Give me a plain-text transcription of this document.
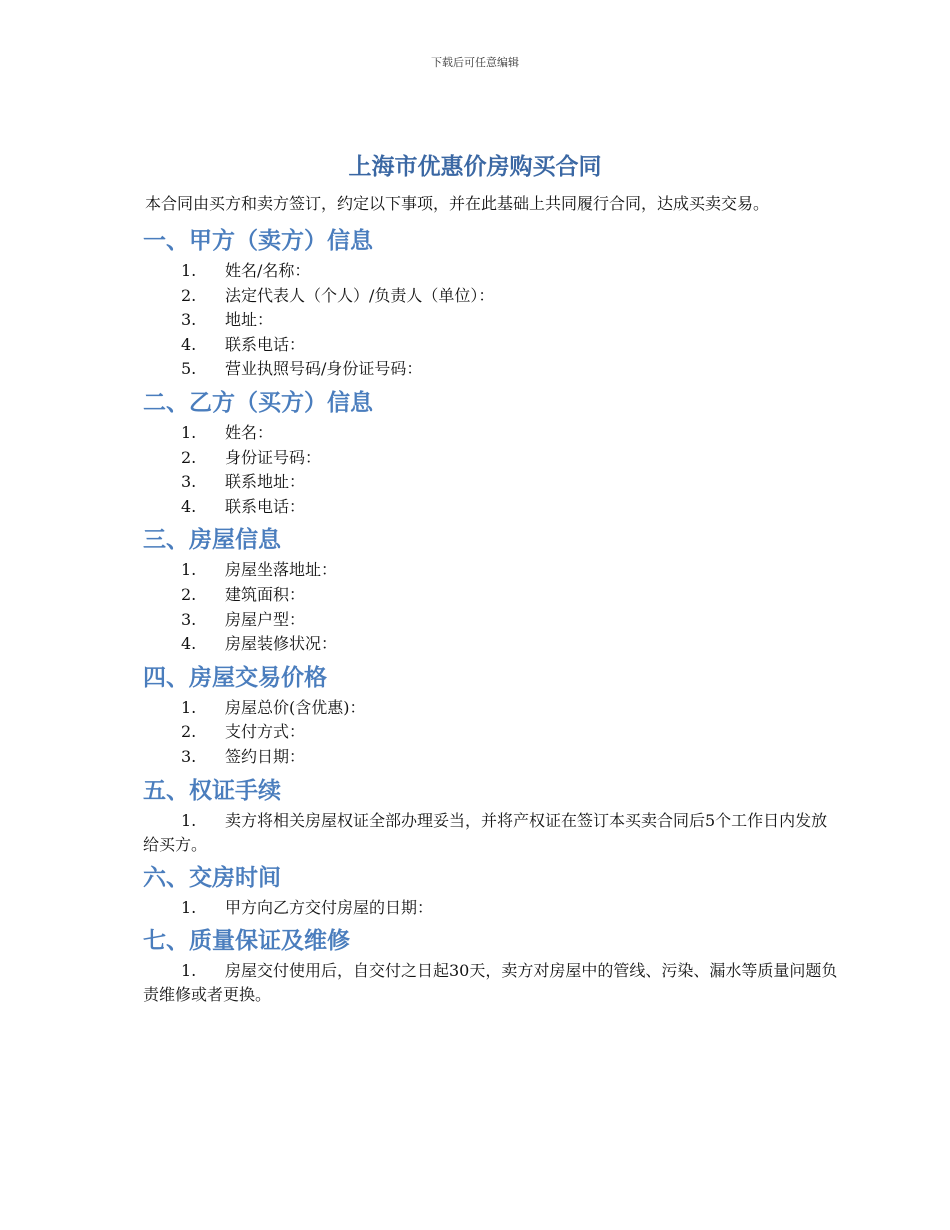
下载后可任意编辑
上海市优惠价房购买合同

本合同由买方和卖方签订，约定以下事项，并在此基础上共同履行合同，达成买卖交易。

一、甲方（卖方）信息
1. 姓名/名称：
2. 法定代表人（个人）/负责人（单位）：
3. 地址：
4. 联系电话：
5. 营业执照号码/身份证号码：
二、乙方（买方）信息
1. 姓名：
2. 身份证号码：
3. 联系地址：
4. 联系电话：
三、房屋信息
1. 房屋坐落地址：
2. 建筑面积：
3. 房屋户型：
4. 房屋装修状况：
四、房屋交易价格
1. 房屋总价(含优惠)：
2. 支付方式：
3. 签约日期：
五、权证手续

1. 卖方将相关房屋权证全部办理妥当，并将产权证在签订本买卖合同后5个工作日内发放给买方。

六、交房时间
1. 甲方向乙方交付房屋的日期：
七、质量保证及维修

1. 房屋交付使用后，自交付之日起30天，卖方对房屋中的管线、污染、漏水等质量问题负责维修或者更换。
